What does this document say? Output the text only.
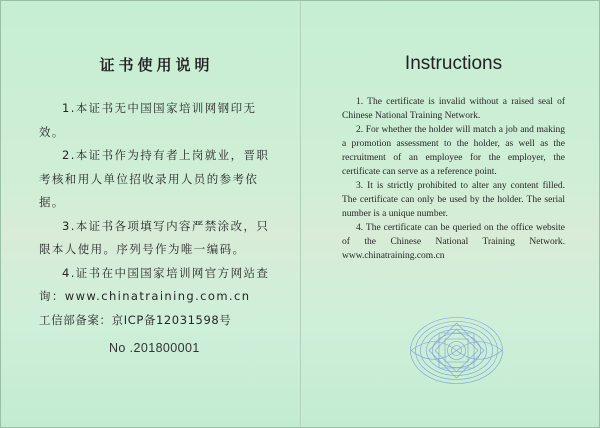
证书使用说明

1.本证书无中国国家培训网钢印无效。

2.本证书作为持有者上岗就业，晋职考核和用人单位招收录用人员的参考依据。

3.本证书各项填写内容严禁涂改，只限本人使用。序列号作为唯一编码。

4.证书在中国国家培训网官方网站查询：www.chinatraining.com.cn

工信部备案：京ICP备12031598号

No .201800001
Instructions

1. The certificate is invalid without a raised seal of Chinese National Training Network.

2. For whether the holder will match a job and making a promotion assessment to the holder, as well as the recruitment of an employee for the employer, the certificate can serve as a reference point.

3. It is strictly prohibited to alter any content filled. The certificate can only be used by the holder. The serial number is a unique number.

4. The certificate can be queried on the office website of the Chinese National Training Network. www.chinatraining.com.cn
